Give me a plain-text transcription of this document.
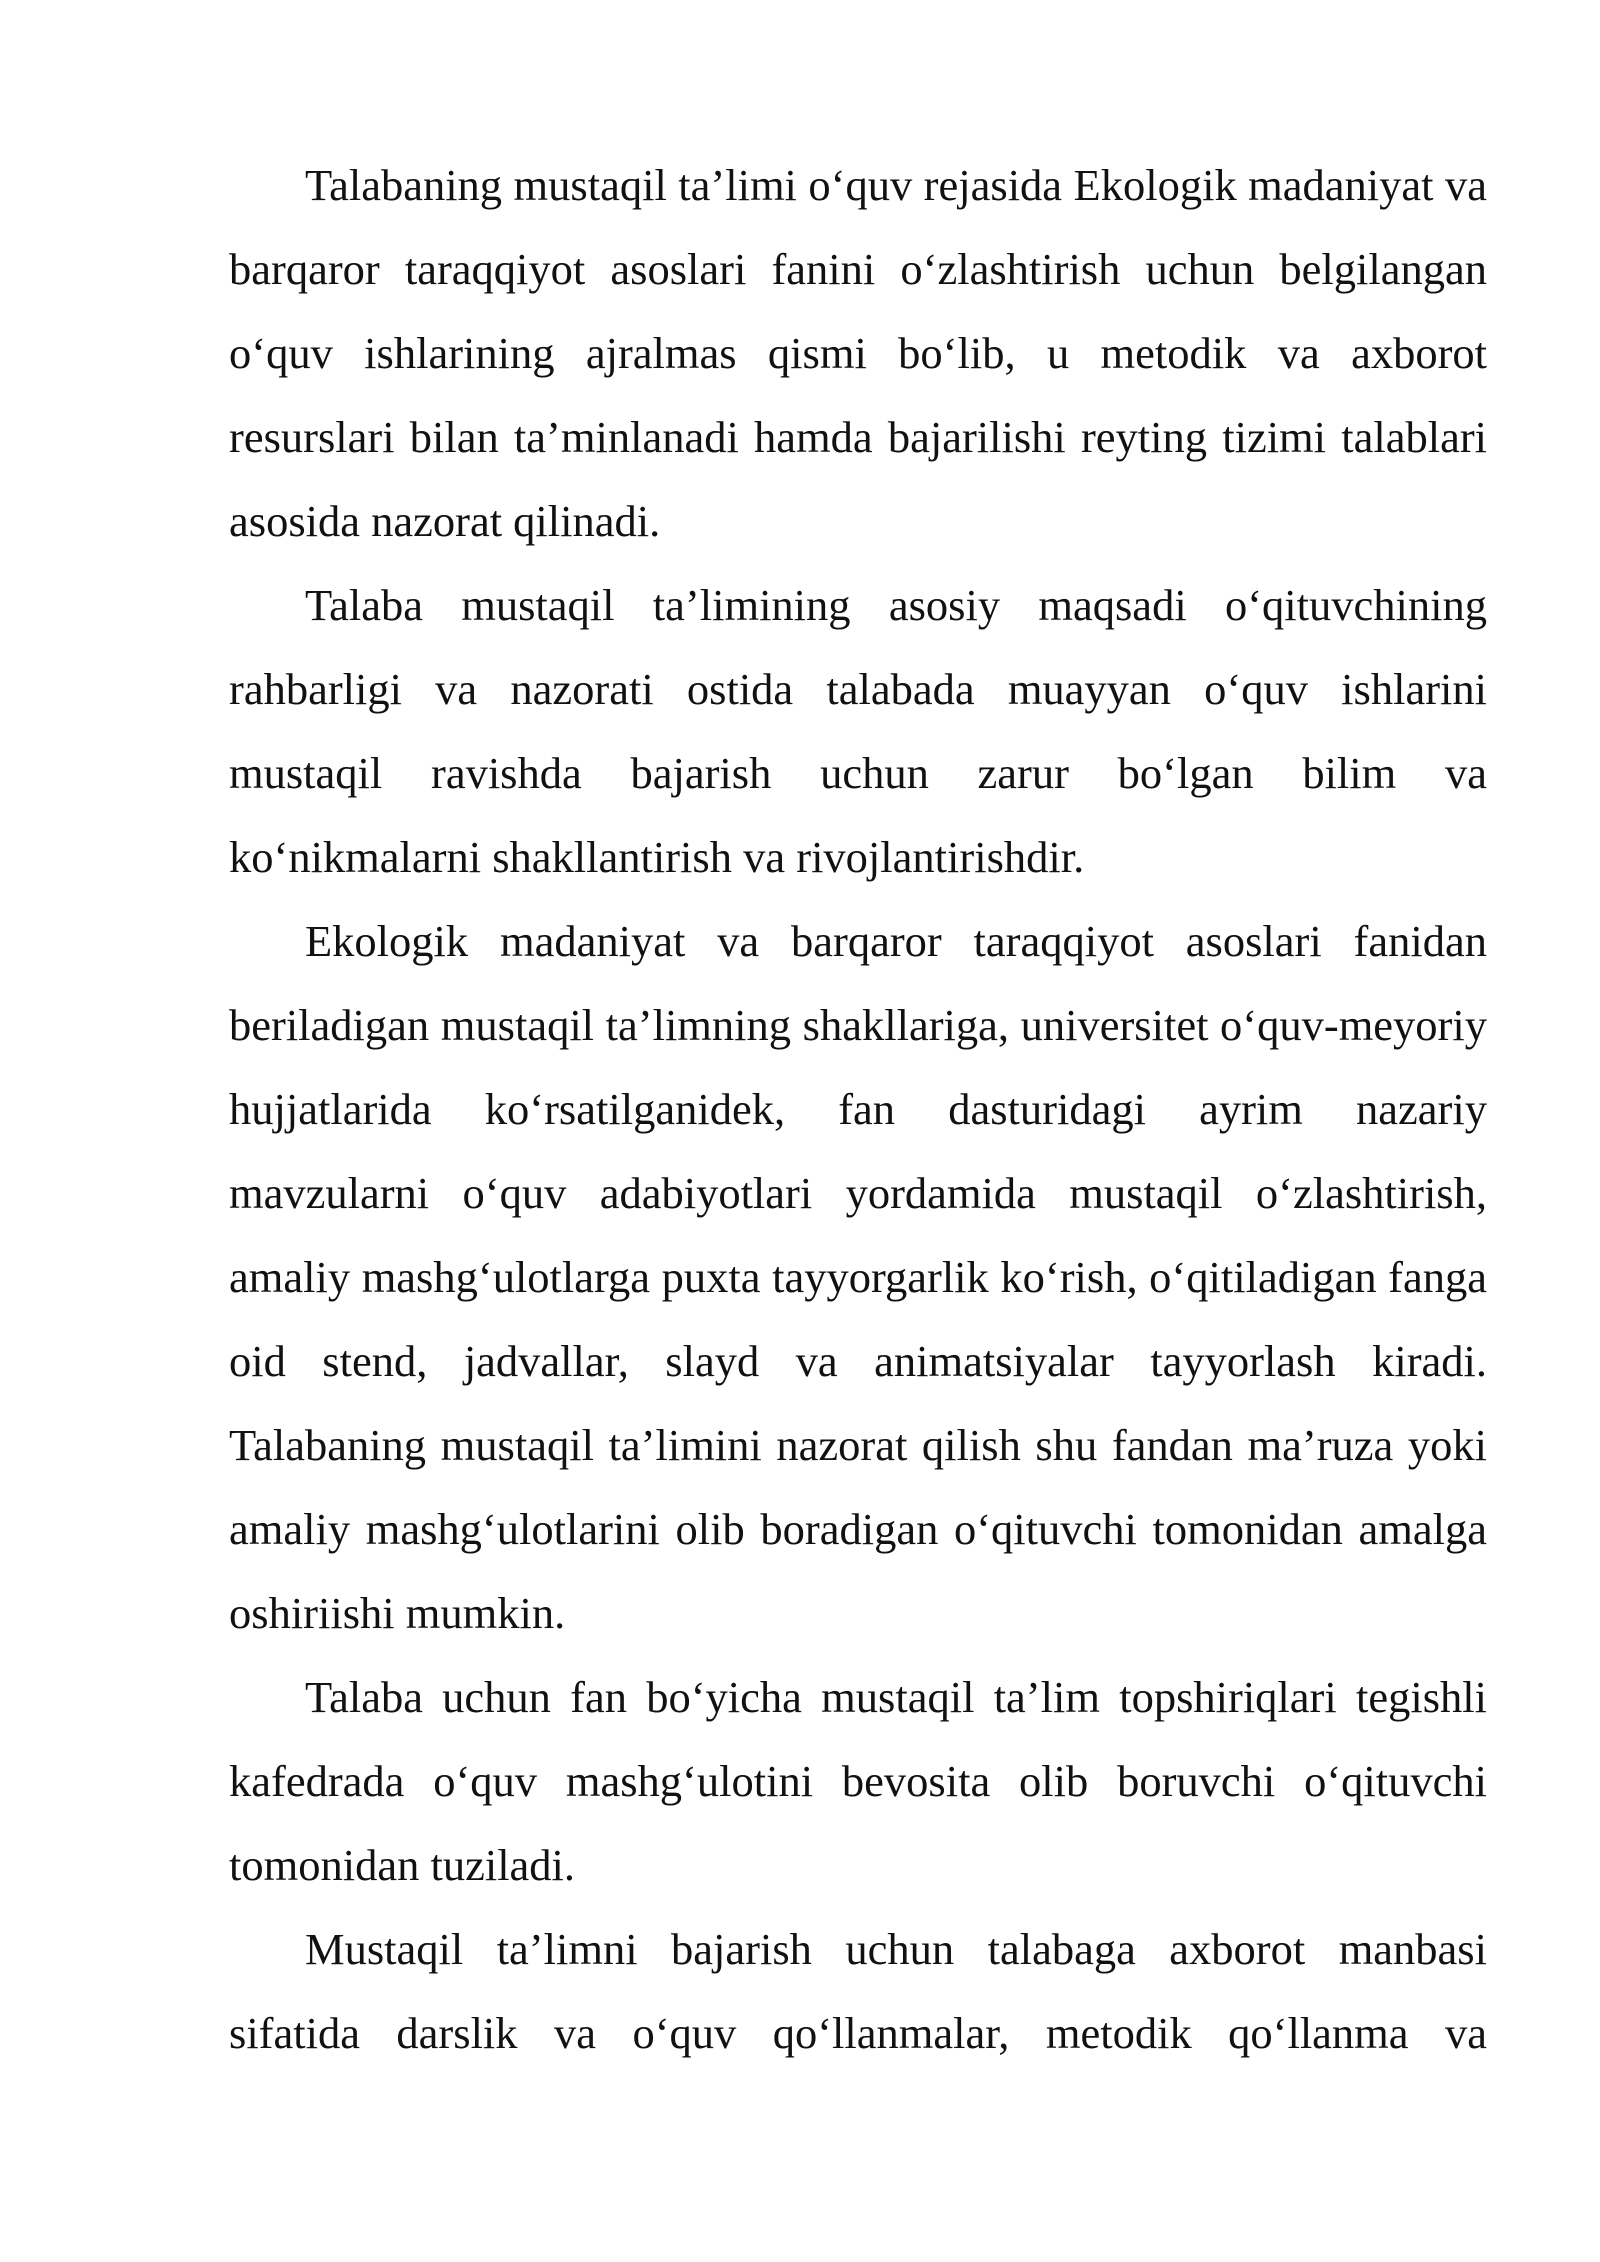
Talabaning mustaqil ta’limi o‘quv rejasida Ekologik madaniyat va barqaror taraqqiyot asoslari fanini o‘zlashtirish uchun belgilangan o‘quv ishlarining ajralmas qismi bo‘lib, u metodik va axborot resurslari bilan ta’minlanadi hamda bajarilishi reyting tizimi talablari asosida nazorat qilinadi.

Talaba mustaqil ta’limining asosiy maqsadi o‘qituvchining rahbarligi va nazorati ostida talabada muayyan o‘quv ishlarini mustaqil ravishda bajarish uchun zarur bo‘lgan bilim va ko‘nikmalarni shakllantirish va rivojlantirishdir.

Ekologik madaniyat va barqaror taraqqiyot asoslari fanidan beriladigan mustaqil ta’limning shakllariga, universitet o‘quv-meyoriy hujjatlarida ko‘rsatilganidek, fan dasturidagi ayrim nazariy mavzularni o‘quv adabiyotlari yordamida mustaqil o‘zlashtirish, amaliy mashg‘ulotlarga puxta tayyorgarlik ko‘rish, o‘qitiladigan fanga oid stend, jadvallar, slayd va animatsiyalar tayyorlash kiradi. Talabaning mustaqil ta’limini nazorat qilish shu fandan ma’ruza yoki amaliy mashg‘ulotlarini olib boradigan o‘qituvchi tomonidan amalga oshiriishi mumkin.

Talaba uchun fan bo‘yicha mustaqil ta’lim topshiriqlari tegishli kafedrada o‘quv mashg‘ulotini bevosita olib boruvchi o‘qituvchi tomonidan tuziladi.

Mustaqil ta’limni bajarish uchun talabaga axborot manbasi sifatida darslik va o‘quv qo‘llanmalar, metodik qo‘llanma va
